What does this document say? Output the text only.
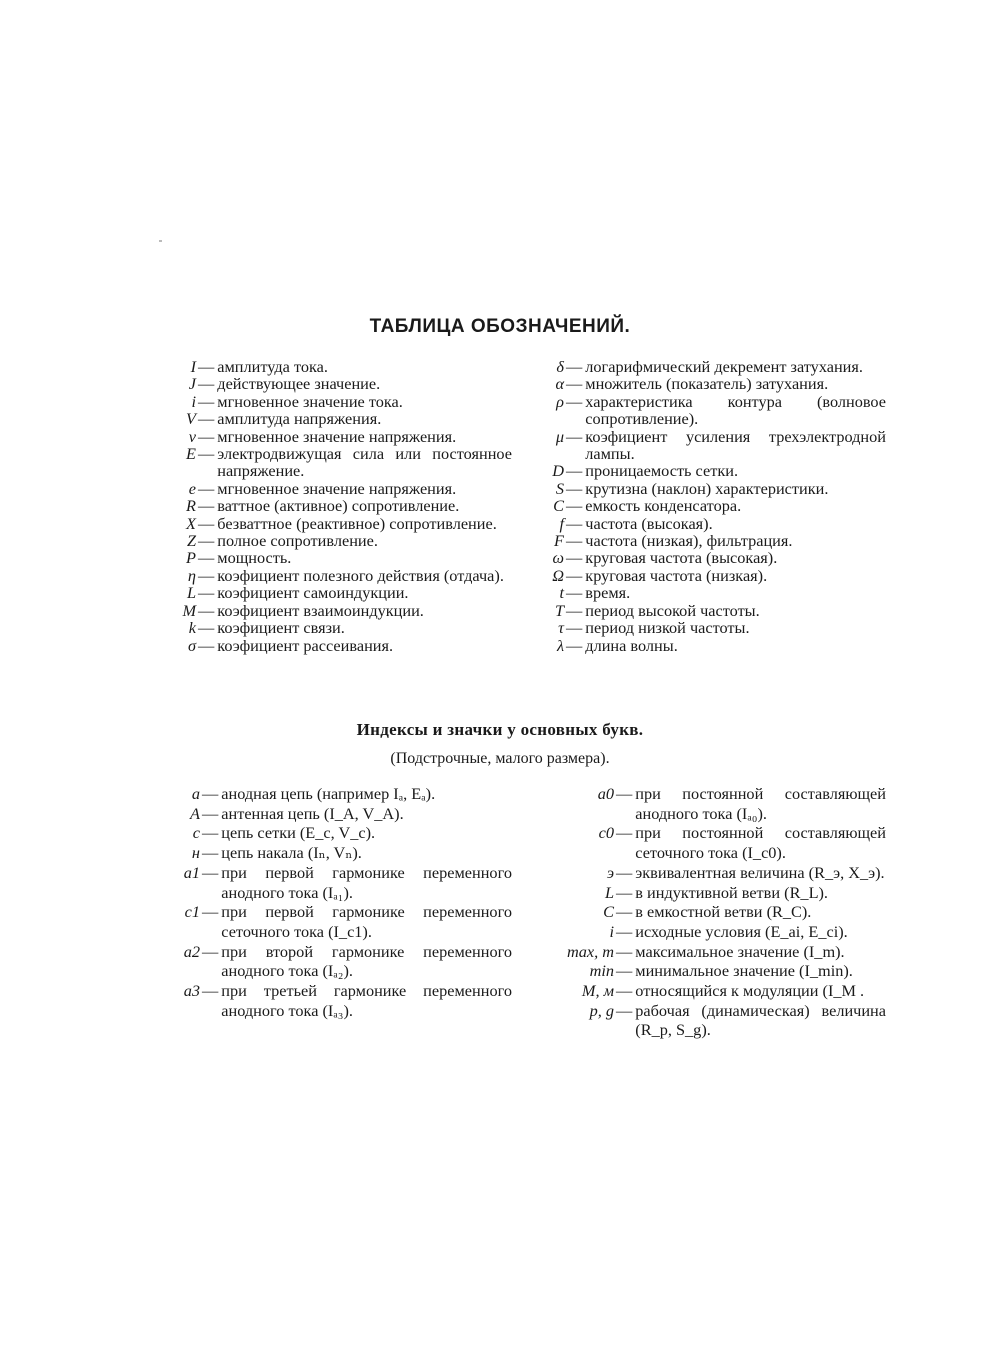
ТАБЛИЦА ОБОЗНАЧЕНИЙ.
I — амплитуда тока.
J — действующее значение.
i — мгновенное значение тока.
V — амплитуда напряжения.
v — мгновенное значение напряжения.
E — электродвижущая сила или постоянное напряжение.
e — мгновенное значение напряжения.
R — ваттное (активное) сопротивление.
X — безваттное (реактивное) сопротивление.
Z — полное сопротивление.
P — мощность.
η — коэфициент полезного действия (отдача).
L — коэфициент самоиндукции.
M — коэфициент взаимоиндукции.
k — коэфициент связи.
σ — коэфициент рассеивания.
δ — логарифмический декремент затухания.
α — множитель (показатель) затухания.
ρ — характеристика контура (волновое сопротивление).
μ — коэфициент усиления трехэлектродной лампы.
D — проницаемость сетки.
S — крутизна (наклон) характеристики.
C — емкость конденсатора.
f — частота (высокая).
F — частота (низкая), фильтрация.
ω — круговая частота (высокая).
Ω — круговая частота (низкая).
t — время.
T — период высокой частоты.
τ — период низкой частоты.
λ — длина волны.
Индексы и значки у основных букв.
(Подстрочные, малого размера).
a — анодная цепь (например Iₐ, Eₐ).
A — антенная цепь (I_A, V_A).
c — цепь сетки (E_c, V_c).
н — цепь накала (Iₙ, Vₙ).
a1 — при первой гармонике переменного анодного тока (Iₐ₁).
c1 — при первой гармонике переменного сеточного тока (I_c1).
a2 — при второй гармонике переменного анодного тока (Iₐ₂).
a3 — при третьей гармонике переменного анодного тока (Iₐ₃).
a0 — при постоянной составляющей анодного тока (Iₐ₀).
c0 — при постоянной составляющей сеточного тока (I_c0).
э — эквивалентная величина (R_э, X_э).
L — в индуктивной ветви (R_L).
C — в емкостной ветви (R_C).
i — исходные условия (E_ai, E_ci).
max, m — максимальное значение (I_m).
min — минимальное значение (I_min).
M, м — относящийся к модуляции (I_M .
p, g — рабочая (динамическая) величина (R_p, S_g).
